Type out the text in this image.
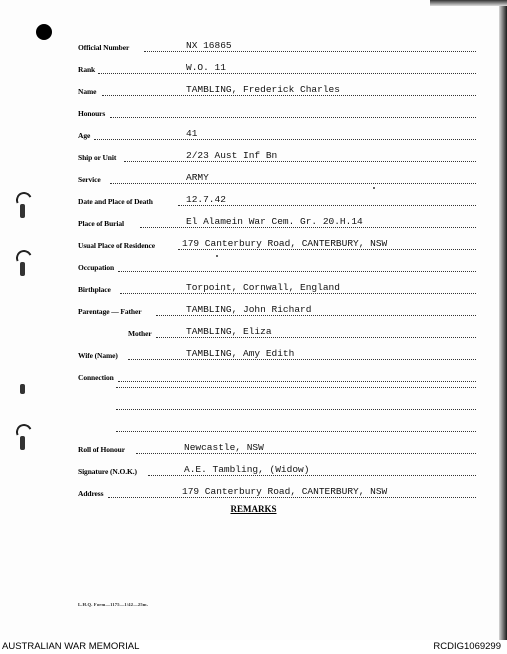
Official Number	NX 16865
Rank	W.O. 11
Name	TAMBLING, Frederick Charles
Honours
Age	41
Ship or Unit	2/23 Aust Inf Bn
Service	ARMY
Date and Place of Death	12.7.42
Place of Burial	El Alamein War Cem. Gr. 20.H.14
Usual Place of Residence	179 Canterbury Road, CANTERBURY, NSW
Occupation
Birthplace	Torpoint, Cornwall, England
Parentage — Father	TAMBLING, John Richard
Mother	TAMBLING, Eliza
Wife (Name)	TAMBLING, Amy Edith
Connection
Roll of Honour	Newcastle, NSW
Signature (N.O.K.)	A.E. Tambling, (Widow)
Address	179 Canterbury Road, CANTERBURY, NSW
REMARKS
L.H.Q. Form—1175—1/42—25m.
AUSTRALIAN WAR MEMORIAL	RCDIG1069299
